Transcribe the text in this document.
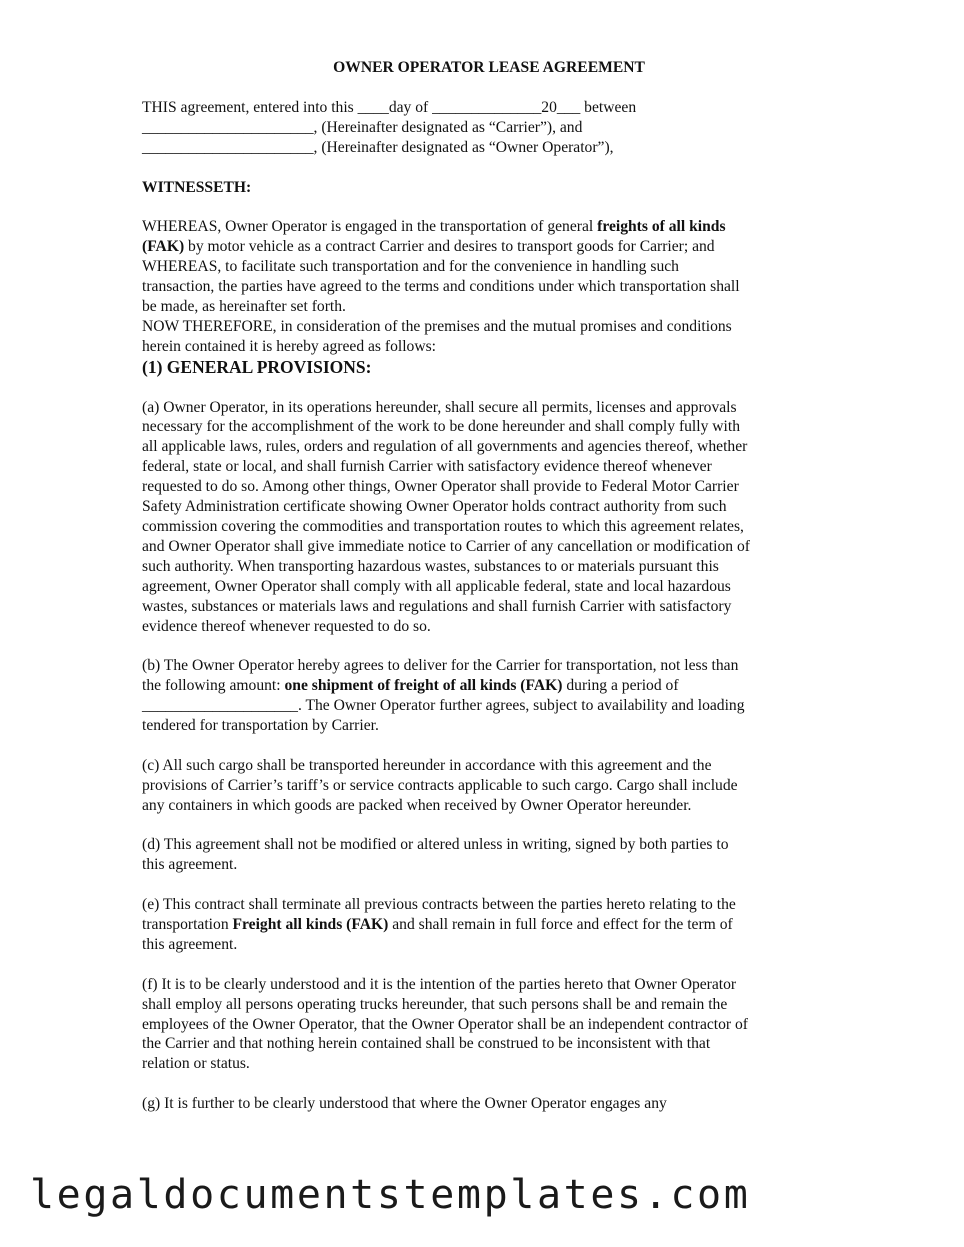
OWNER OPERATOR LEASE AGREEMENT
THIS agreement, entered into this ____day of ______________20___ between
______________________, (Hereinafter designated as “Carrier”), and
______________________, (Hereinafter designated as “Owner Operator”),
WITNESSETH:
WHEREAS, Owner Operator is engaged in the transportation of general freights of all kinds
(FAK) by motor vehicle as a contract Carrier and desires to transport goods for Carrier; and
WHEREAS, to facilitate such transportation and for the convenience in handling such
transaction, the parties have agreed to the terms and conditions under which transportation shall
be made, as hereinafter set forth.
NOW THEREFORE, in consideration of the premises and the mutual promises and conditions
herein contained it is hereby agreed as follows:
(1) GENERAL PROVISIONS:
(a) Owner Operator, in its operations hereunder, shall secure all permits, licenses and approvals
necessary for the accomplishment of the work to be done hereunder and shall comply fully with
all applicable laws, rules, orders and regulation of all governments and agencies thereof, whether
federal, state or local, and shall furnish Carrier with satisfactory evidence thereof whenever
requested to do so. Among other things, Owner Operator shall provide to Federal Motor Carrier
Safety Administration certificate showing Owner Operator holds contract authority from such
commission covering the commodities and transportation routes to which this agreement relates,
and Owner Operator shall give immediate notice to Carrier of any cancellation or modification of
such authority. When transporting hazardous wastes, substances to or materials pursuant this
agreement, Owner Operator shall comply with all applicable federal, state and local hazardous
wastes, substances or materials laws and regulations and shall furnish Carrier with satisfactory
evidence thereof whenever requested to do so.
(b) The Owner Operator hereby agrees to deliver for the Carrier for transportation, not less than
the following amount: one shipment of freight of all kinds (FAK) during a period of
____________________. The Owner Operator further agrees, subject to availability and loading
tendered for transportation by Carrier.
(c) All such cargo shall be transported hereunder in accordance with this agreement and the
provisions of Carrier’s tariff’s or service contracts applicable to such cargo. Cargo shall include
any containers in which goods are packed when received by Owner Operator hereunder.
(d) This agreement shall not be modified or altered unless in writing, signed by both parties to
this agreement.
(e) This contract shall terminate all previous contracts between the parties hereto relating to the
transportation Freight all kinds (FAK) and shall remain in full force and effect for the term of
this agreement.
(f) It is to be clearly understood and it is the intention of the parties hereto that Owner Operator
shall employ all persons operating trucks hereunder, that such persons shall be and remain the
employees of the Owner Operator, that the Owner Operator shall be an independent contractor of
the Carrier and that nothing herein contained shall be construed to be inconsistent with that
relation or status.
(g) It is further to be clearly understood that where the Owner Operator engages any
legaldocumentstemplates.com
